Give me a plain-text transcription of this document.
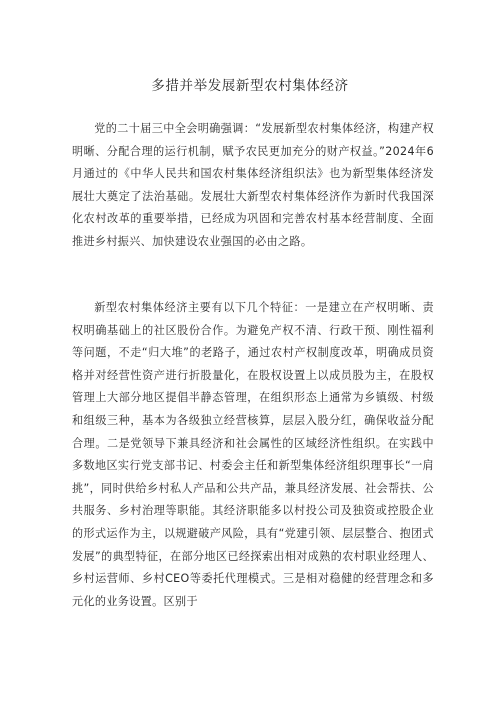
多措并举发展新型农村集体经济

党的二十届三中全会明确强调：“发展新型农村集体经济，构建产权明晰、分配合理的运行机制，赋予农民更加充分的财产权益。”2024年6月通过的《中华人民共和国农村集体经济组织法》也为新型集体经济发展壮大奠定了法治基础。发展壮大新型农村集体经济作为新时代我国深化农村改革的重要举措，已经成为巩固和完善农村基本经营制度、全面推进乡村振兴、加快建设农业强国的必由之路。

新型农村集体经济主要有以下几个特征：一是建立在产权明晰、责权明确基础上的社区股份合作。为避免产权不清、行政干预、刚性福利等问题，不走“归大堆”的老路子，通过农村产权制度改革，明确成员资格并对经营性资产进行折股量化，在股权设置上以成员股为主，在股权管理上大部分地区提倡半静态管理，在组织形态上通常为乡镇级、村级和组级三种，基本为各级独立经营核算，层层入股分红，确保收益分配合理。二是党领导下兼具经济和社会属性的区域经济性组织。在实践中多数地区实行党支部书记、村委会主任和新型集体经济组织理事长“一肩挑”，同时供给乡村私人产品和公共产品，兼具经济发展、社会帮扶、公共服务、乡村治理等职能。其经济职能多以村投公司及独资或控股企业的形式运作为主，以规避破产风险，具有“党建引领、层层整合、抱团式发展”的典型特征，在部分地区已经探索出相对成熟的农村职业经理人、乡村运营师、乡村CEO等委托代理模式。三是相对稳健的经营理念和多元化的业务设置。区别于
